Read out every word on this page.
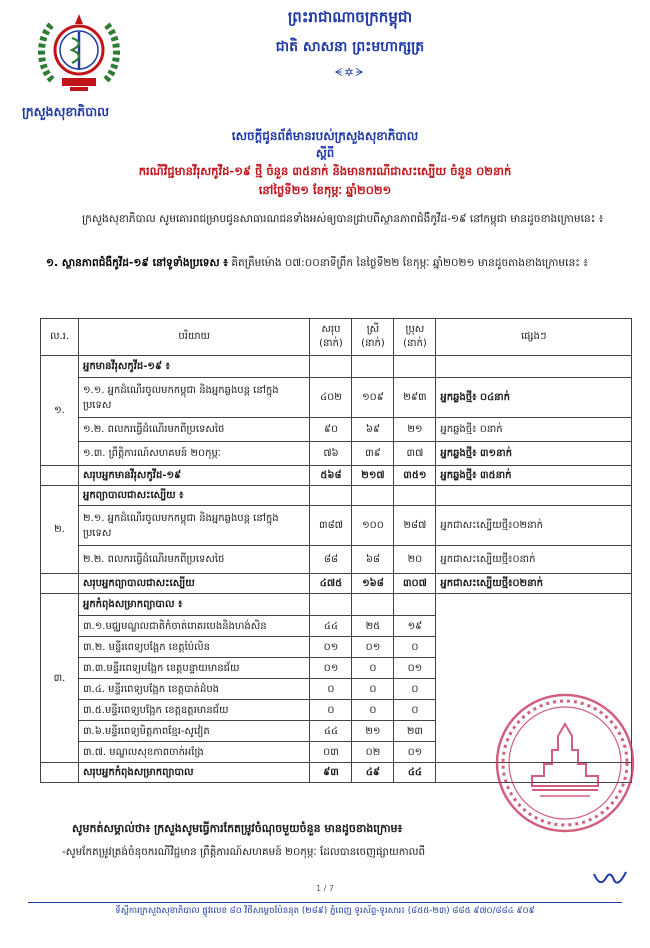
ក្រសួងសុខាភិបាល
ព្រះរាជាណាចក្រកម្ពុជា
ជាតិ សាសនា ព្រះមហាក្សត្រ
ᗕ✲ᗒ
សេចក្តីជូនព័ត៌មានរបស់ក្រសួងសុខាភិបាល
ស្តីពី
ករណីវិជ្ជមានវីរុសកូវីដ-១៩ ថ្មី ចំនួន ៣៥នាក់ និងមានករណីជាសះស្បើយ ចំនួន ០២នាក់
នៅថ្ងៃទី២១ ខែកុម្ភៈ ឆ្នាំ២០២១
ក្រសួងសុខាភិបាល សូមគោរពជម្រាបជូនសាធារណជនទាំងអស់ឲ្យបានជ្រាបពីស្ថានភាពជំងឺកូវីដ-១៩ នៅកម្ពុជា មានដូចខាងក្រោមនេះ ៖
១. ស្ថានភាពជំងឺកូវីដ-១៩ នៅទូទាំងប្រទេស ៖ គិតត្រឹមម៉ោង ០៧:០០នាទីព្រឹក នៃថ្ងៃទី២២ ខែកុម្ភៈ ឆ្នាំ២០២១ មានដូចតាងខាងក្រោមនេះ ៖
ល.រ.	បរិយាយ	សរុប (នាក់)	ស្រី (នាក់)	ប្រុស (នាក់)	ផ្សេងៗ
១.	អ្នកមានវីរុសកូវីដ-១៩ ៖				
	១.១. អ្នកដំណើរចូលមកកម្ពុជា និងអ្នកឆ្លងបន្ត នៅក្នុងប្រទេស	៤០២	១០៩	២៩៣	អ្នកឆ្លងថ្មី៖ ០៤នាក់
	១.២. ពលករធ្វើដំណើរមកពីប្រទេសថៃ	៩០	៦៩	២១	អ្នកឆ្លងថ្មី៖ ០នាក់
	១.៣. ព្រឹត្តិការណ៍សហគមន៍ ២០កុម្ភៈ	៧៦	៣៩	៣៧	អ្នកឆ្លងថ្មី៖ ៣១នាក់
	សរុបអ្នកមានវីរុសកូវីដ-១៩	៥៦៨	២១៧	៣៥១	អ្នកឆ្លងថ្មី៖ ៣៥នាក់
២.	អ្នកព្យាបាលជាសះស្បើយ ៖				
	២.១. អ្នកដំណើរចូលមកកម្ពុជា និងអ្នកឆ្លងបន្ត នៅក្នុងប្រទេស	៣៨៧	១០០	២៨៧	អ្នកជាសះស្បើយថ្មី៖០២នាក់
	២.២. ពលករធ្វើដំណើរមកពីប្រទេសថៃ	៨៨	៦៨	២០	អ្នកជាសះស្បើយថ្មី៖០នាក់
	សរុបអ្នកព្យាបាលជាសះស្បើយ	៤៧៥	១៦៨	៣០៧	អ្នកជាសះស្បើយថ្មី៖០២នាក់
៣.	អ្នកកំពុងសម្រាកព្យាបាល ៖				
	៣.១.មជ្ឈមណ្ឌលជាតិកំចាត់រោគរបេងនិងហង់សិន	៤៤	២៥	១៩	
	៣.២. មន្ទីរពេទ្យបង្អែក ខេត្តប៉ៃលិន	០១	០១	០	
	៣.៣.មន្ទីរពេទ្យបង្អែក ខេត្តបន្ទាយមានជ័យ	០១	០	០១	
	៣.៤. មន្ទីរពេទ្យបង្អែក ខេត្តបាត់ដំបង	០	០	០	
	៣.៥.មន្ទីរពេទ្យបង្អែក ខេត្តឧត្តរមានជ័យ	០	០	០	
	៣.៦.មន្ទីរពេទ្យមិត្តភាពខ្មែរ-សូវៀត	៤៤	២១	២៣	
	៣.៧. មណ្ឌលសុខភាពចាក់អង្រែ	០៣	០២	០១	
	សរុបអ្នកកំពុងសម្រាកព្យាបាល	៩៣	៤៩	៤៤	
សូមកត់សម្គាល់ថា៖ ក្រសួងសូមធ្វើការកែតម្រូវចំណុចមួយចំនួន មានដូចខាងក្រោម៖
-សូមកែតម្រូវត្រង់ចំនុចករណីវិជ្ជមាន ព្រឹត្តិការណ៍សហគមន៍ ២០កុម្ភៈ ដែលបានចេញផ្សាយកាលពី
1 / 7
ទីស្តីការក្រសួងសុខាភិបាល ផ្លូវលេខ ៨០ វិថីសម្តេចប៉ែននុត (២៨៩) ភ្នំពេញ ទូរស័ព្ទ-ទូរសារ៖ (៨៥៥-២៣) ៨៨៥ ៩៧០/៨៨៤ ៩០៩
